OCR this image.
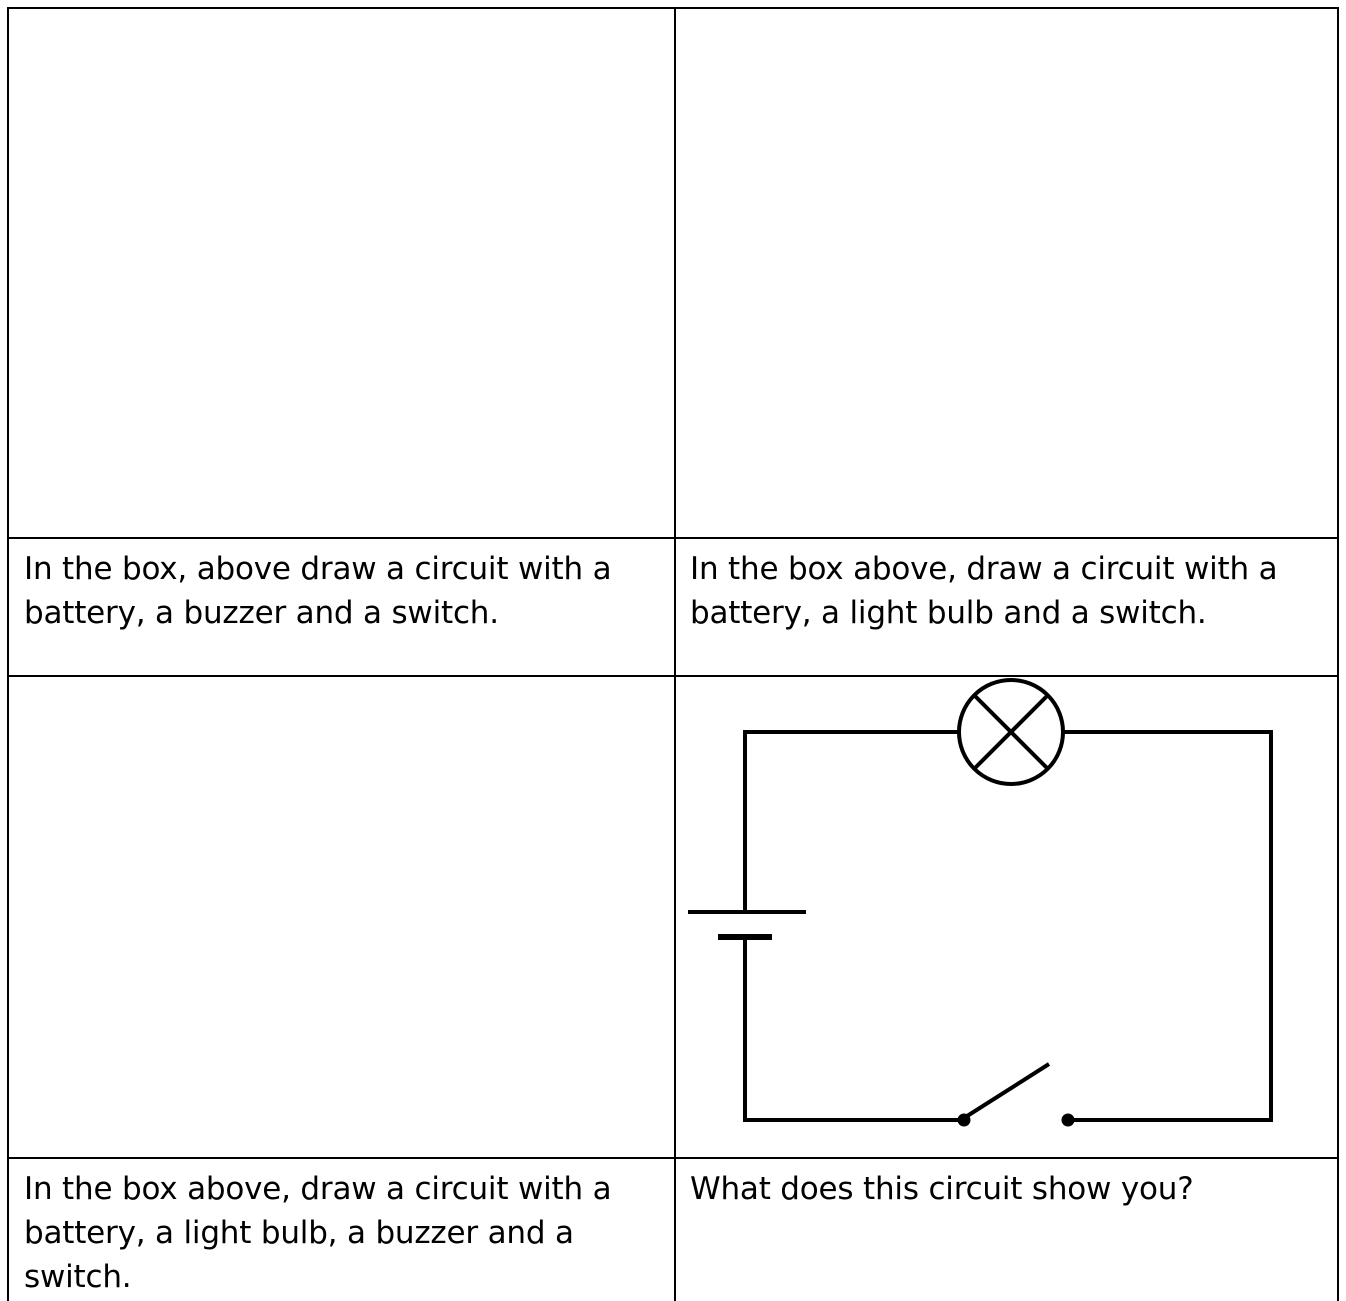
In the box, above draw a circuit with a battery, a buzzer and a switch.
In the box above, draw a circuit with a battery, a light bulb and a switch.
In the box above, draw a circuit with a battery, a light bulb, a buzzer and a switch.
What does this circuit show you?
